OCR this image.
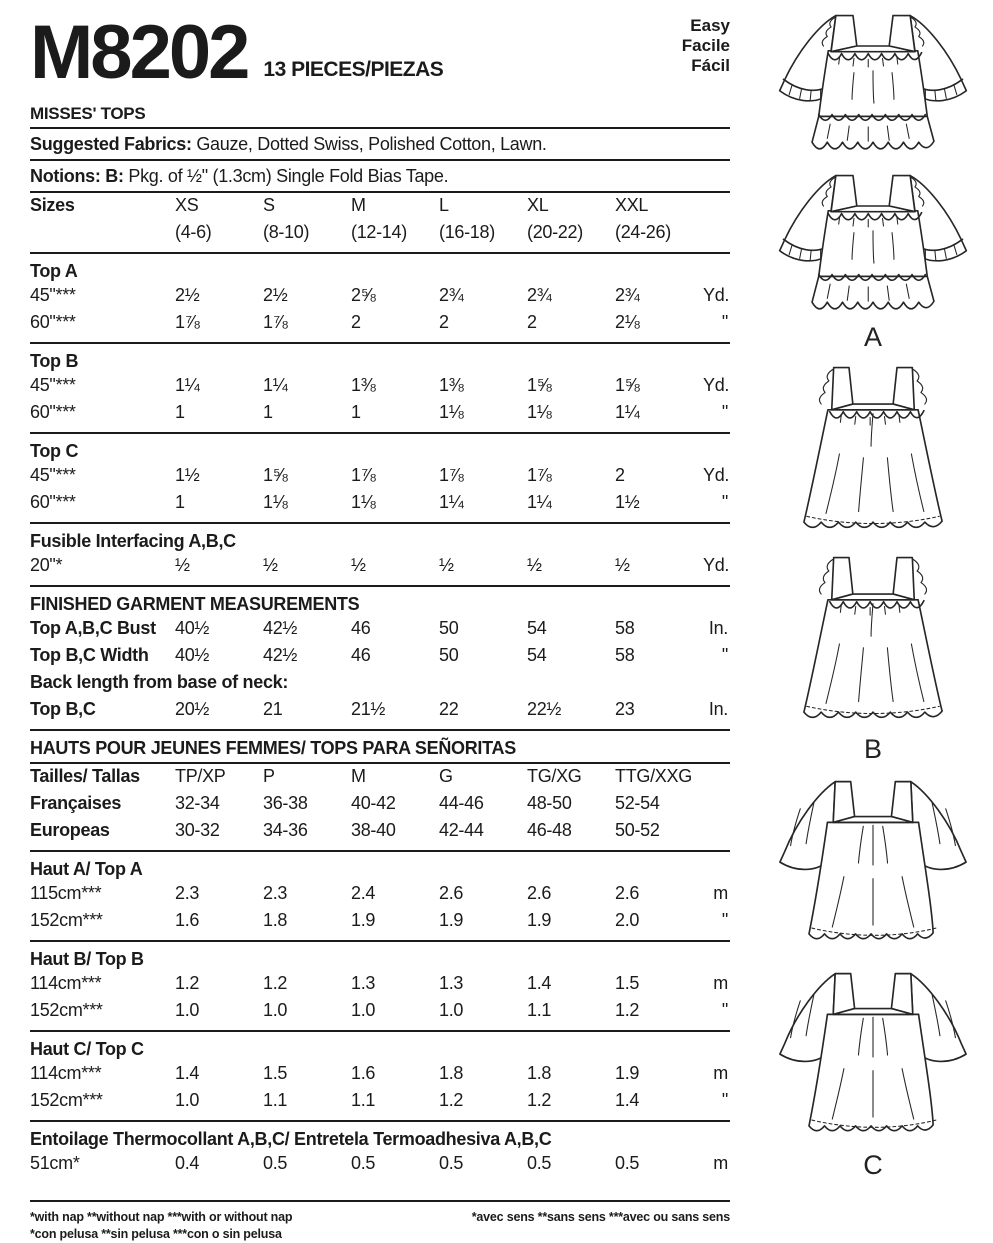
M8202 13 PIECES/PIEZAS
Easy
Facile
Fácil
MISSES' TOPS
Suggested Fabrics: Gauze, Dotted Swiss, Polished Cotton, Lawn.
Notions: B: Pkg. of ½" (1.3cm) Single Fold Bias Tape.
Sizes	XS	S	M	L	XL	XXL
(4-6)	(8-10)	(12-14)	(16-18)	(20-22)	(24-26)
Top A
45"***	2½	2½	2⅝	2¾	2¾	2¾	Yd.
60"***	1⅞	1⅞	2	2	2	2⅛	"
Top B
45"***	1¼	1¼	1⅜	1⅜	1⅝	1⅝	Yd.
60"***	1	1	1	1⅛	1⅛	1¼	"
Top C
45"***	1½	1⅝	1⅞	1⅞	1⅞	2	Yd.
60"***	1	1⅛	1⅛	1¼	1¼	1½	"
Fusible Interfacing A,B,C
20"*	½	½	½	½	½	½	Yd.
FINISHED GARMENT MEASUREMENTS
Top A,B,C Bust	40½	42½	46	50	54	58	In.
Top B,C Width	40½	42½	46	50	54	58	"
Back length from base of neck:
Top B,C	20½	21	21½	22	22½	23	In.
HAUTS POUR JEUNES FEMMES/ TOPS PARA SEÑORITAS
Tailles/ Tallas	TP/XP	P	M	G	TG/XG	TTG/XXG
Françaises	32-34	36-38	40-42	44-46	48-50	52-54
Europeas	30-32	34-36	38-40	42-44	46-48	50-52
Haut A/ Top A
115cm***	2.3	2.3	2.4	2.6	2.6	2.6	m
152cm***	1.6	1.8	1.9	1.9	1.9	2.0	"
Haut B/ Top B
114cm***	1.2	1.2	1.3	1.3	1.4	1.5	m
152cm***	1.0	1.0	1.0	1.0	1.1	1.2	"
Haut C/ Top C
114cm***	1.4	1.5	1.6	1.8	1.8	1.9	m
152cm***	1.0	1.1	1.1	1.2	1.2	1.4	"
Entoilage Thermocollant A,B,C/ Entretela Termoadhesiva A,B,C
51cm*	0.4	0.5	0.5	0.5	0.5	0.5	m
*with nap **without nap ***with or without nap
*con pelusa **sin pelusa ***con o sin pelusa
*avec sens **sans sens ***avec ou sans sens
A
B
C
